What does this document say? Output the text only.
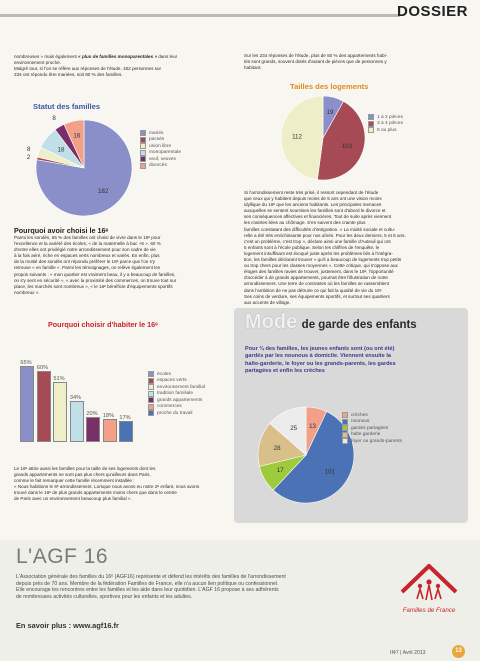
DOSSIER
nombreuses » mais également « plus de familles monoparentales » dans leur
environnement proche.
Malgré tout, si l'on se réfère aux réponses de l'étude, 182 personnes sur
234 ont répondu être mariées, soit 80 % des familles.
Statut des familles
182
2
8	18
8
16	mariés
pacsés
union libre
monoparentale
veuf, veuves
divorcés
Pourquoi avoir choisi le 16ᵉ
Parmi les sondés, 65 % des familles ont choisi de vivre dans le 16ᵉ pour
l'excellence et la variété des écoles, « de la maternelle à bac +5 ». 60 %
d'entre elles ont privilégié notre arrondissement pour son cadre de vie
à la fois aéré, riche en espaces verts nombreux et variés. En enfin, plus
de la moitié des sondés ont répondu préférer le 16ᵉ parce que l'on s'y
retrouve « en famille ». Parmi les témoignages, on relève également les
propos suivants : « mon quartier est vraiment beau, il y a beaucoup de familles,
on s'y sent en sécurité », « avec la proximité des commerces, on trouve tout sur
place, les marchés sont nombreux », « le 16ᵉ bénéficie d'équipements sportifs
nombreux ».
Pourquoi choisir d'habiter le 16ᵉ
65%
60%
51%
34%
20% 18% 17%
écoles
espaces verts
environnement familial
tradition familiale
grands appartements
commerces
proche du travail
Le 16ᵉ attire aussi les familles pour la taille de ses logements dont les
grands appartements ne sont pas plus chers qu'ailleurs dans Paris,
comme le fait remarquer cette famille récemment installée :
« Nous habitions le 6ᵉ arrondissement. Lorsque nous avons eu notre 2ᵉ enfant, nous avons
trouvé dans le 16ᵉ de plus grands appartements moins chers que dans le centre
de Paris avec un environnement beaucoup plus familial ».
Sur les 234 réponses de l'étude, plus de 50 % des appartements habi-
tés sont grands, souvent dotés d'autant de pièces que de personnes y
habitant.
Tailles des logements
19
103
112
1 à 2 pièces
3 à 4 pièces
5 ou plus
Si l'arrondissement reste très prisé, il ressort cependant de l'étude
que ceux qui y habitent depuis moins de 5 ans ont une vision moins
idyllique du 16ᵉ que les anciens habitants. Les principales menaces
auxquelles se sentent soumises les familles sont d'abord le divorce et
ses conséquences affectives et financières. Tout de suite après viennent
les craintes liées au chômage. S'en suivent des crainte plus
familles constatant des difficultés d'intégration. « La mixité sociale et cultu-
relle a été très enrichissante pour nos aînés. Pour les deux derniers, 5 et 8 ans,
c'est un problème, c'est trop », déclare ainsi une famille d'Auteuil qui ont
5 enfants sont à l'école publique. Selon les chiffres de l'enquête, le
logement insuffisant est évoqué juste après les problèmes liés à l'intégra-
tion, les familles déclarant trouver « qu'il a beaucoup de logements trop petits
ou trop chers pour les classes moyennes ». Cette critique, qui s'oppose aux
éloges des familles ravies de trouver, justement, dans le 16ᵉ, l'opportunité
d'accéder à de grands appartements, pourrait être l'illustration de notre
arrondissement. Une terre de contrastes où les familles se rassemblent
dans l'ambition de ne pas détruire ce qui fait la qualité de vie du 16ᵉ.
Ses coins de verdure, ses équipements sportifs, et surtout ses quartiers
aux accents de village.
Mode de garde des enfants
Pour ¾ des familles, les jeunes enfants sont (ou ont été)
gardés par les nounous à domicile. Viennent ensuite la
halte-garderie, le foyer ou les grands-parents, les gardes
partagées et enfin les crèches
13
101
17
28
25
crèches
nounous
gardes partagées
halte garderie
foyer ou grands-parents
L'AGF 16
L'Association générale des familles du 16ᵉ (AGF16) représente et défend les intérêts des familles de l'arrondissement
depuis près de 70 ans. Membre de la fédération Familles de France, elle n'a aucun lien politique ou confessionnel.
Elle encourage les rencontres entre les familles et les aide dans leur quotidien. L'AGF 16 propose à ses adhérents
de nombreuses activités culturelles, sportives pour les enfants et les adultes.
En savoir plus : www.agf16.fr
Familles de France
If47 | Avril 2013	13
